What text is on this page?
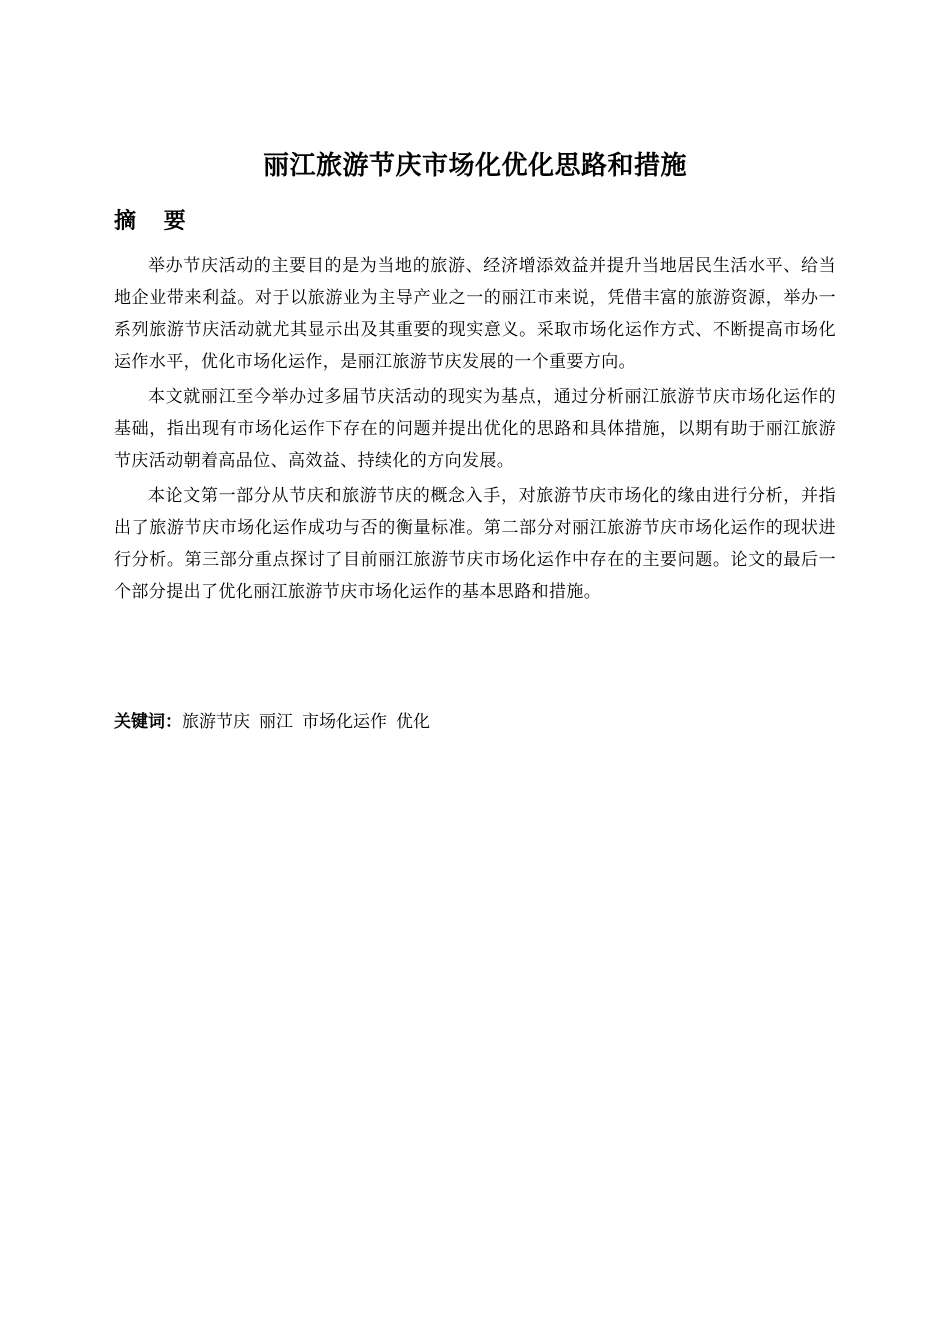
丽江旅游节庆市场化优化思路和措施
摘 要

举办节庆活动的主要目的是为当地的旅游、经济增添效益并提升当地居民生活水平、给当地企业带来利益。对于以旅游业为主导产业之一的丽江市来说，凭借丰富的旅游资源，举办一系列旅游节庆活动就尤其显示出及其重要的现实意义。采取市场化运作方式、不断提高市场化运作水平，优化市场化运作，是丽江旅游节庆发展的一个重要方向。

本文就丽江至今举办过多届节庆活动的现实为基点，通过分析丽江旅游节庆市场化运作的基础，指出现有市场化运作下存在的问题并提出优化的思路和具体措施，以期有助于丽江旅游节庆活动朝着高品位、高效益、持续化的方向发展。

本论文第一部分从节庆和旅游节庆的概念入手，对旅游节庆市场化的缘由进行分析，并指出了旅游节庆市场化运作成功与否的衡量标准。第二部分对丽江旅游节庆市场化运作的现状进行分析。第三部分重点探讨了目前丽江旅游节庆市场化运作中存在的主要问题。论文的最后一个部分提出了优化丽江旅游节庆市场化运作的基本思路和措施。

关键词：旅游节庆 丽江 市场化运作 优化
